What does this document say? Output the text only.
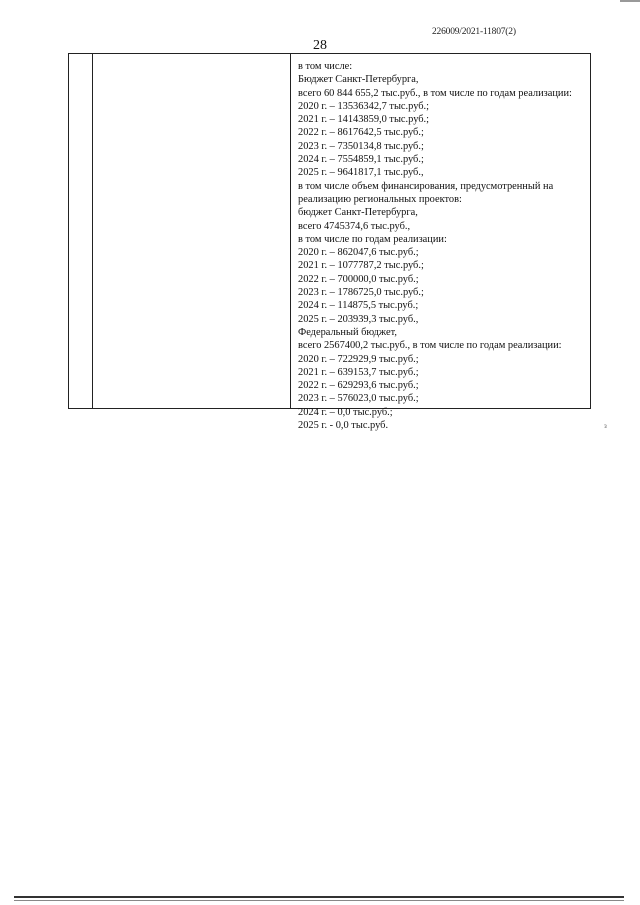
226009/2021-11807(2)
28
в том числе:
Бюджет Санкт-Петербурга,
всего 60 844 655,2 тыс.руб., в том числе по годам реализации:
2020 г. – 13536342,7 тыс.руб.;
2021 г. – 14143859,0 тыс.руб.;
2022 г. – 8617642,5 тыс.руб.;
2023 г. – 7350134,8 тыс.руб.;
2024 г. – 7554859,1 тыс.руб.;
2025 г. – 9641817,1 тыс.руб.,
в том числе объем финансирования, предусмотренный на
реализацию региональных проектов:
бюджет Санкт-Петербурга,
всего 4745374,6 тыс.руб.,
в том числе по годам реализации:
2020 г. – 862047,6 тыс.руб.;
2021 г. – 1077787,2 тыс.руб.;
2022 г. – 700000,0 тыс.руб.;
2023 г. – 1786725,0 тыс.руб.;
2024 г. – 114875,5 тыс.руб.;
2025 г. – 203939,3 тыс.руб.,
Федеральный бюджет,
всего 2567400,2 тыс.руб., в том числе по годам реализации:
2020 г. – 722929,9 тыс.руб.;
2021 г. – 639153,7 тыс.руб.;
2022 г. – 629293,6 тыс.руб.;
2023 г. – 576023,0 тыс.руб.;
2024 г. – 0,0 тыс.руб.;
2025 г. - 0,0 тыс.руб.	з
